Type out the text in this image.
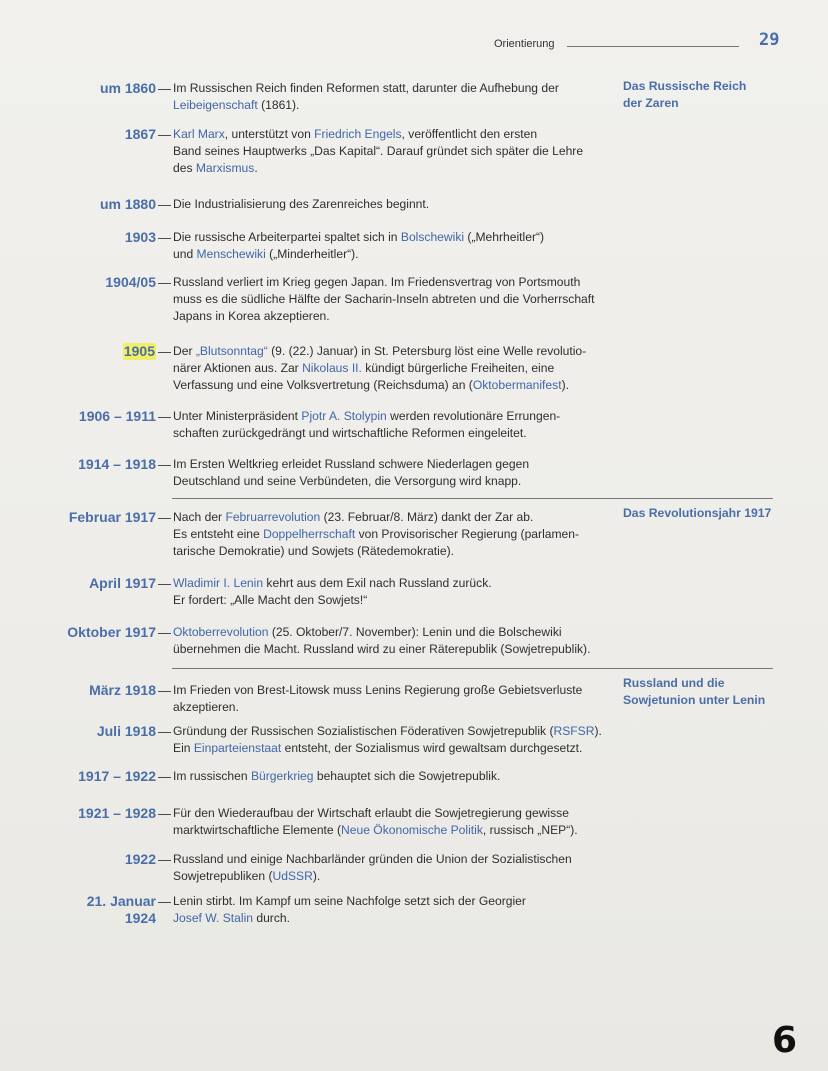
Orientierung	29
um 1860 — Im Russischen Reich finden Reformen statt, darunter die Aufhebung der
Leibeigenschaft (1861).
1867 — Karl Marx, unterstützt von Friedrich Engels, veröffentlicht den ersten
Band seines Hauptwerks „Das Kapital“. Darauf gründet sich später die Lehre
des Marxismus.
um 1880 — Die Industrialisierung des Zarenreiches beginnt.
1903 — Die russische Arbeiterpartei spaltet sich in Bolschewiki („Mehrheitler“)
und Menschewiki („Minderheitler“).
1904/05 — Russland verliert im Krieg gegen Japan. Im Friedensvertrag von Portsmouth
muss es die südliche Hälfte der Sacharin-Inseln abtreten und die Vorherrschaft
Japans in Korea akzeptieren.
1905 — Der „Blutsonntag“ (9. (22.) Januar) in St. Petersburg löst eine Welle revolutio-
närer Aktionen aus. Zar Nikolaus II. kündigt bürgerliche Freiheiten, eine
Verfassung und eine Volksvertretung (Reichsduma) an (Oktobermanifest).
1906 – 1911 — Unter Ministerpräsident Pjotr A. Stolypin werden revolutionäre Errungen-
schaften zurückgedrängt und wirtschaftliche Reformen eingeleitet.
1914 – 1918 — Im Ersten Weltkrieg erleidet Russland schwere Niederlagen gegen
Deutschland und seine Verbündeten, die Versorgung wird knapp.
Februar 1917 — Nach der Februarrevolution (23. Februar/8. März) dankt der Zar ab.
Es entsteht eine Doppelherrschaft von Provisorischer Regierung (parlamen-
tarische Demokratie) und Sowjets (Rätedemokratie).
April 1917 — Wladimir I. Lenin kehrt aus dem Exil nach Russland zurück.
Er fordert: „Alle Macht den Sowjets!“
Oktober 1917 — Oktoberrevolution (25. Oktober/7. November): Lenin und die Bolschewiki
übernehmen die Macht. Russland wird zu einer Räterepublik (Sowjetrepublik).
März 1918 — Im Frieden von Brest-Litowsk muss Lenins Regierung große Gebietsverluste
akzeptieren.
Juli 1918 — Gründung der Russischen Sozialistischen Föderativen Sowjetrepublik (RSFSR).
Ein Einparteienstaat entsteht, der Sozialismus wird gewaltsam durchgesetzt.
1917 – 1922 — Im russischen Bürgerkrieg behauptet sich die Sowjetrepublik.
1921 – 1928 — Für den Wiederaufbau der Wirtschaft erlaubt die Sowjetregierung gewisse
marktwirtschaftliche Elemente (Neue Ökonomische Politik, russisch „NEP“).
1922 — Russland und einige Nachbarländer gründen die Union der Sozialistischen
Sowjetrepubliken (UdSSR).
21. Januar
1924
— Lenin stirbt. Im Kampf um seine Nachfolge setzt sich der Georgier
Josef W. Stalin durch.
Das Russische Reich
der Zaren
Das Revolutionsjahr 1917
Russland und die
Sowjetunion unter Lenin
6
